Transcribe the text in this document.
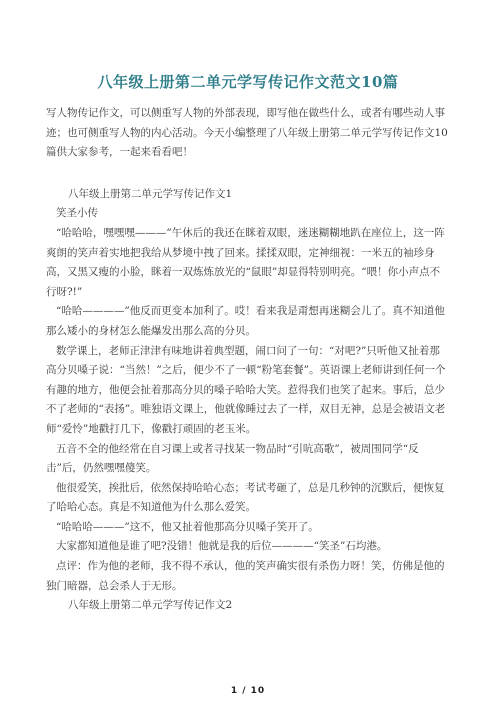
八年级上册第二单元学写传记作文范文10篇

写人物传记作文，可以侧重写人物的外部表现，即写他在做些什么，或者有哪些动人事迹；也可侧重写人物的内心活动。今天小编整理了八年级上册第二单元学写传记作文10篇供大家参考，一起来看看吧！

八年级上册第二单元学写传记作文1

笑圣小传

“哈哈哈，嘿嘿嘿———”午休后的我还在眯着双眼，迷迷糊糊地趴在座位上，这一阵爽朗的笑声着实地把我给从梦境中拽了回来。揉揉双眼，定神细视：一米五的袖珍身高，又黑又瘦的小脸，眯着一双炼炼放光的“鼠眼”却显得特别明亮。“喂！你小声点不行呀?!”

“哈哈————”他反而更变本加利了。哎！看来我是甭想再迷糊会儿了。真不知道他那么矮小的身材怎么能爆发出那么高的分贝。

数学课上，老师正津津有味地讲着典型题，闹口问了一句：“对吧?”只听他又扯着那高分贝嗓子说：“当然！”之后，便少不了一顿“粉笔套餐”。英语课上老师讲到任何一个有趣的地方，他便会扯着那高分贝的嗓子哈哈大笑。惹得我们也笑了起来。事后，总少不了老师的“表扬”。唯独语文课上，他就像睡过去了一样，双目无神，总是会被语文老师“爱怜”地戳打几下，像戳打顽固的老玉米。

五音不全的他经常在自习课上或者寻找某一物品时“引吭高歌”，被周围同学“反击”后，仍然嘿嘿傻笑。

他很爱笑，挨批后，依然保持哈哈心态；考试考砸了，总是几秒钟的沉默后，便恢复了哈哈心态。真是不知道他为什么那么爱笑。

“哈哈哈———”这不，他又扯着他那高分贝嗓子笑开了。

大家都知道他是谁了吧?没错！他就是我的后位————“笑圣”石均港。

点评：作为他的老师，我不得不承认，他的笑声确实很有杀伤力呀！笑，仿佛是他的独门暗器，总会杀人于无形。

八年级上册第二单元学写传记作文2

1 / 10
